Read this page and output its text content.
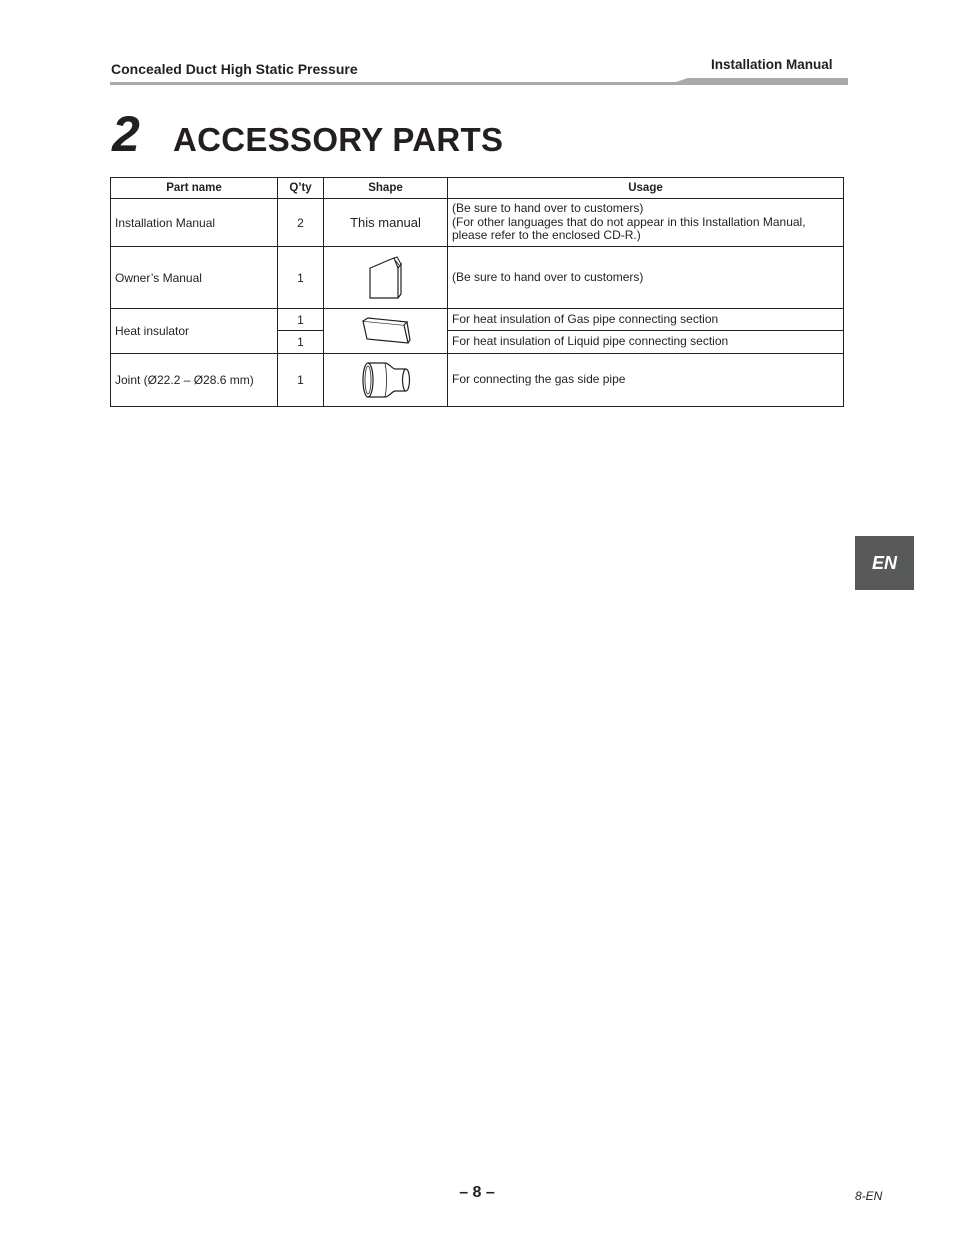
Concealed Duct High Static Pressure	Installation Manual
2 ACCESSORY PARTS
Part name	Q’ty	Shape	Usage
Installation Manual	2	This manual	(Be sure to hand over to customers)
(For other languages that do not appear in this Installation Manual,
please refer to the enclosed CD-R.)

Owner’s Manual	1		(Be sure to hand over to customers)

Heat insulator	1		For heat insulation of Gas pipe connecting section
	1		For heat insulation of Liquid pipe connecting section
Joint (Ø22.2 – Ø28.6 mm)	1		For connecting the gas side pipe
EN
– 8 –	8-EN
